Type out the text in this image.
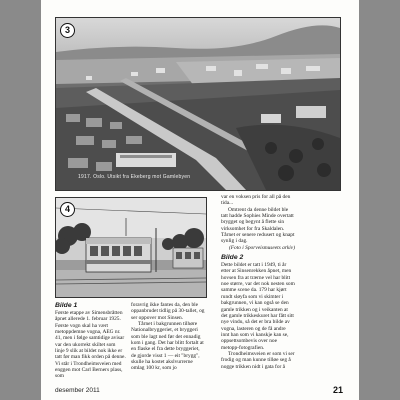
3
1917. Oslo. Utsikt fra Ekeberg mot Gamlebyen
4

Bilde 1

Første etappe av Simensbråtten åpnet allerede 1. februar 1925. Første vogn skal ha vært metoppdemne vogna, AEG nr. 41, men i følge samtidige avisar var den ukorrekt skiltet som linje 9 slik at bildet nok ikke er tatt før man fikk orden på denne. Vi står i Trondheimsveien med enggen mot Carl Berners plass, som

foravrig ikke fantes da, den ble oppanbrudet tidlig på 30-tallet, og ser oppover mot Sinsen.

Tårnet i bakgrunnen tilhøre Nationalbryggeriet, et bryggeri som ble lagt ned før det ennadig kom i gang. Det har blitt fortalt at en flaske el fra dette bryggeriet, de gjorde visst 1 — eit "brygg", skulle ha kostet akslvurrerne omlag 100 kr, som jo

var en voksen pris for all på den tida...

Omtrent da denne bildet ble tatt hadde Sophies Minde overtatt brygget og begynt å flette sin virksomhet for fra Skaldalen. Tårnet er senere redusert og knapt synlig i dag.

(Foto i Sporveismuseets arkiv)

Bilde 2

Dette bildet er tatt i 1949, ti år etter at Sinsenrekken åpnet, men hovsen fra at trærne vel har blitt noe større, var det nok nesten som samme scene da. 179 har kjørt rundt sløyfa som vi skimter i bakgrunnen, vi kan også se den gamle trikken og i veikanten at det gamle trikkeskuret har fått sitt nye vindu, så det er bra bilde av vogna, lasteren og de få andre innt han som vi kanskje kan se, oppsettsombevis over noe metopp-fotografien.

Trondheimsveien er som vi ser frodig og man kunne tilløe seg å nogge trikken nidt i gata for å

desember 2011	21
